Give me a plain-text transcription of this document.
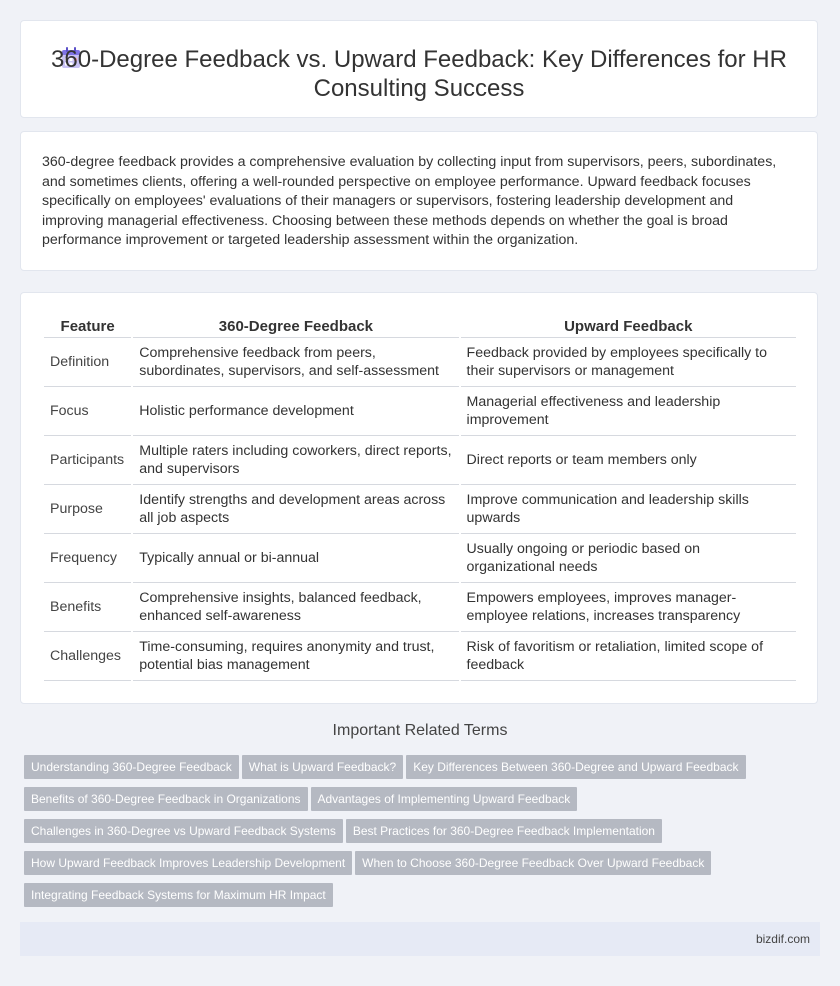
360-Degree Feedback vs. Upward Feedback: Key Differences for HR Consulting Success

360-degree feedback provides a comprehensive evaluation by collecting input from supervisors, peers, subordinates, and sometimes clients, offering a well-rounded perspective on employee performance. Upward feedback focuses specifically on employees' evaluations of their managers or supervisors, fostering leadership development and improving managerial effectiveness. Choosing between these methods depends on whether the goal is broad performance improvement or targeted leadership assessment within the organization.

Feature	360-Degree Feedback	Upward Feedback
Definition	Comprehensive feedback from peers, subordinates, supervisors, and self-assessment	Feedback provided by employees specifically to their supervisors or management
Focus	Holistic performance development	Managerial effectiveness and leadership improvement
Participants	Multiple raters including coworkers, direct reports, and supervisors	Direct reports or team members only
Purpose	Identify strengths and development areas across all job aspects	Improve communication and leadership skills upwards
Frequency	Typically annual or bi-annual	Usually ongoing or periodic based on organizational needs
Benefits	Comprehensive insights, balanced feedback, enhanced self-awareness	Empowers employees, improves manager-employee relations, increases transparency
Challenges	Time-consuming, requires anonymity and trust, potential bias management	Risk of favoritism or retaliation, limited scope of feedback
Important Related Terms
Understanding 360-Degree Feedback What is Upward Feedback? Key Differences Between 360-Degree and Upward Feedback
Benefits of 360-Degree Feedback in Organizations Advantages of Implementing Upward Feedback
Challenges in 360-Degree vs Upward Feedback Systems Best Practices for 360-Degree Feedback Implementation
How Upward Feedback Improves Leadership Development When to Choose 360-Degree Feedback Over Upward Feedback
Integrating Feedback Systems for Maximum HR Impact
bizdif.com
